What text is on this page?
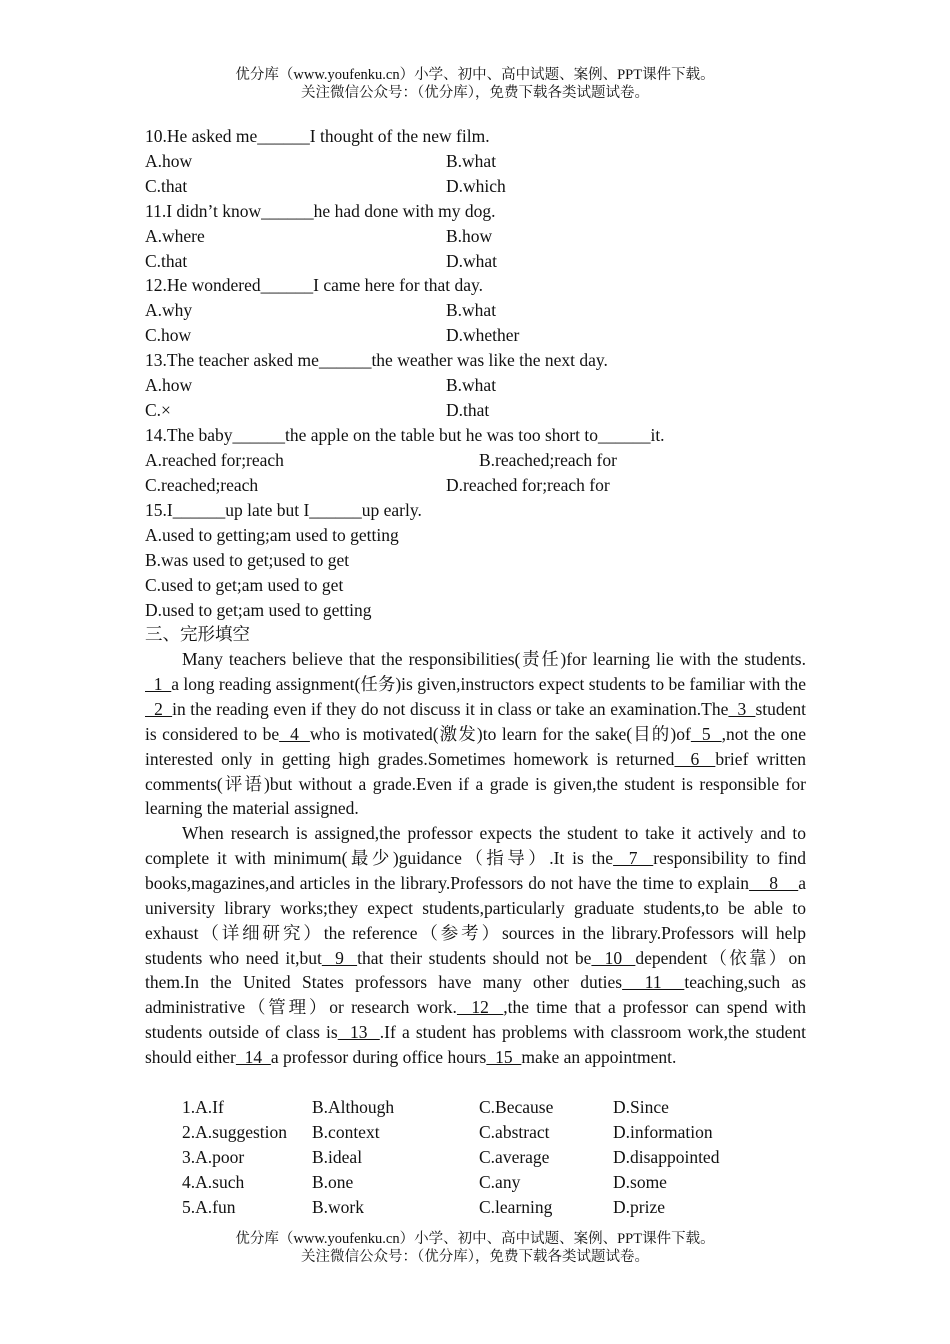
优分库（www.youfenku.cn）小学、初中、高中试题、案例、PPT课件下载。
关注微信公众号：（优分库），免费下载各类试题试卷。
10.He asked me______I thought of the new film.
A.how	B.what
C.that	D.which
11.I didn’t know______he had done with my dog.
A.where	B.how
C.that	D.what
12.He wondered______I came here for that day.
A.why	B.what
C.how	D.whether
13.The teacher asked me______the weather was like the next day.
A.how	B.what
C.×	D.that
14.The baby______the apple on the table but he was too short to______it.
A.reached for;reach	B.reached;reach for
C.reached;reach	D.reached for;reach for
15.I______up late but I______up early.
A.used to getting;am used to getting
B.was used to get;used to get
C.used to get;am used to get
D.used to get;am used to getting
三、完形填空
Many teachers believe that the responsibilities(责任)for learning lie with the students.  1  a long reading assignment(任务)is given,instructors expect students to be familiar with the  2  in the reading even if they do not discuss it in class or take an examination.The  3  student is considered to be  4  who is motivated(激发)to learn for the sake(目的)of  5  ,not the one interested only in getting high grades.Sometimes homework is returned  6  brief written comments(评语)but without a grade.Even if a grade is given,the student is responsible for learning the material assigned.
When research is assigned,the professor expects the student to take it actively and to complete it with minimum(最少)guidance（指导）.It is the  7  responsibility to find books,magazines,and articles in the library.Professors do not have the time to explain    8    a university library works;they expect students,particularly graduate students,to be able to exhaust（详细研究）the reference（参考）sources in the library.Professors will help students who need it,but  9  that their students should not be  10  dependent（依靠）on them.In the United States professors have many other duties  11  teaching,such as administrative（管理）or research work.  12  ,the time that a professor can spend with students outside of class is  13  .If a student has problems with classroom work,the student should either  14  a professor during office hours  15  make an appointment.
1.A.If	B.Although	C.Because	D.Since
2.A.suggestion B.context	C.abstract	D.information
3.A.poor	B.ideal	C.average	D.disappointed
4.A.such	B.one	C.any	D.some
5.A.fun	B.work	C.learning	D.prize
优分库（www.youfenku.cn）小学、初中、高中试题、案例、PPT课件下载。
关注微信公众号：（优分库），免费下载各类试题试卷。
